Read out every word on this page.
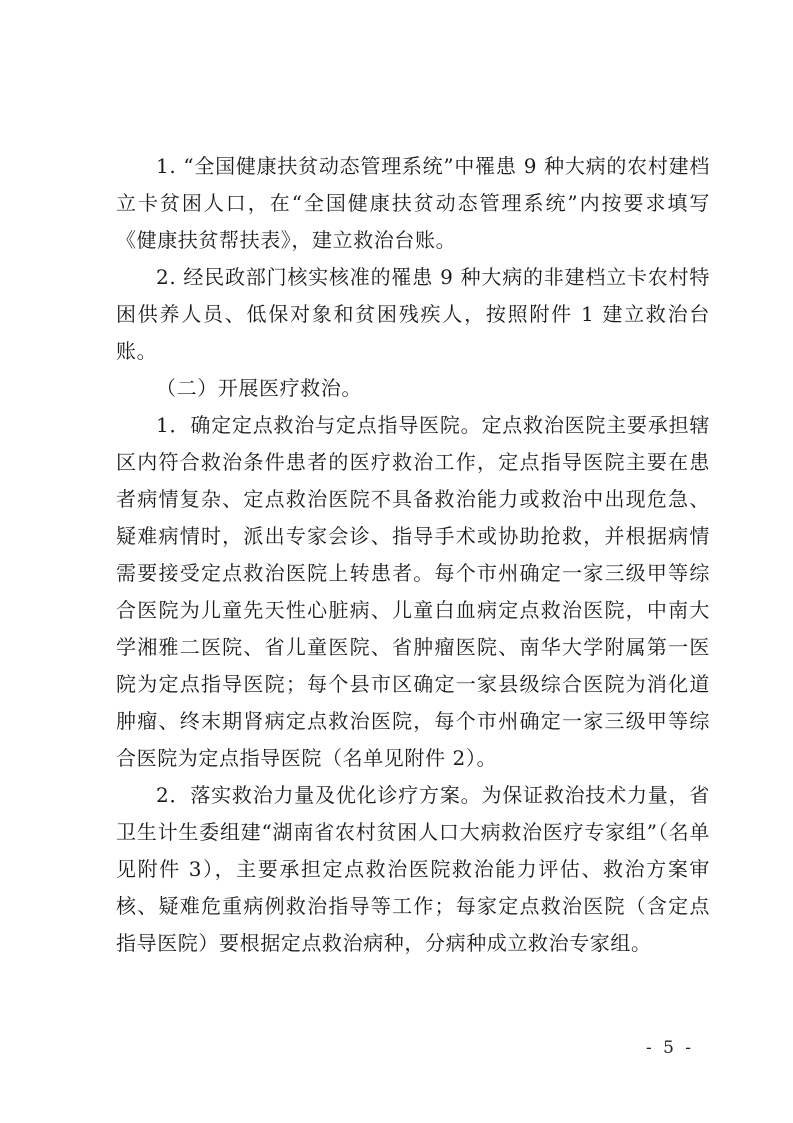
1. “全国健康扶贫动态管理系统”中罹患 9 种大病的农村建档立卡贫困人口，在“全国健康扶贫动态管理系统”内按要求填写《健康扶贫帮扶表》，建立救治台账。

2. 经民政部门核实核准的罹患 9 种大病的非建档立卡农村特困供养人员、低保对象和贫困残疾人，按照附件 1 建立救治台账。

（二）开展医疗救治。

1．确定定点救治与定点指导医院。定点救治医院主要承担辖区内符合救治条件患者的医疗救治工作，定点指导医院主要在患者病情复杂、定点救治医院不具备救治能力或救治中出现危急、疑难病情时，派出专家会诊、指导手术或协助抢救，并根据病情需要接受定点救治医院上转患者。每个市州确定一家三级甲等综合医院为儿童先天性心脏病、儿童白血病定点救治医院，中南大学湘雅二医院、省儿童医院、省肿瘤医院、南华大学附属第一医院为定点指导医院；每个县市区确定一家县级综合医院为消化道肿瘤、终末期肾病定点救治医院，每个市州确定一家三级甲等综合医院为定点指导医院（名单见附件 2）。

2．落实救治力量及优化诊疗方案。为保证救治技术力量，省卫生计生委组建“湖南省农村贫困人口大病救治医疗专家组”（名单见附件 3），主要承担定点救治医院救治能力评估、救治方案审核、疑难危重病例救治指导等工作；每家定点救治医院（含定点指导医院）要根据定点救治病种，分病种成立救治专家组。

- 5 -
